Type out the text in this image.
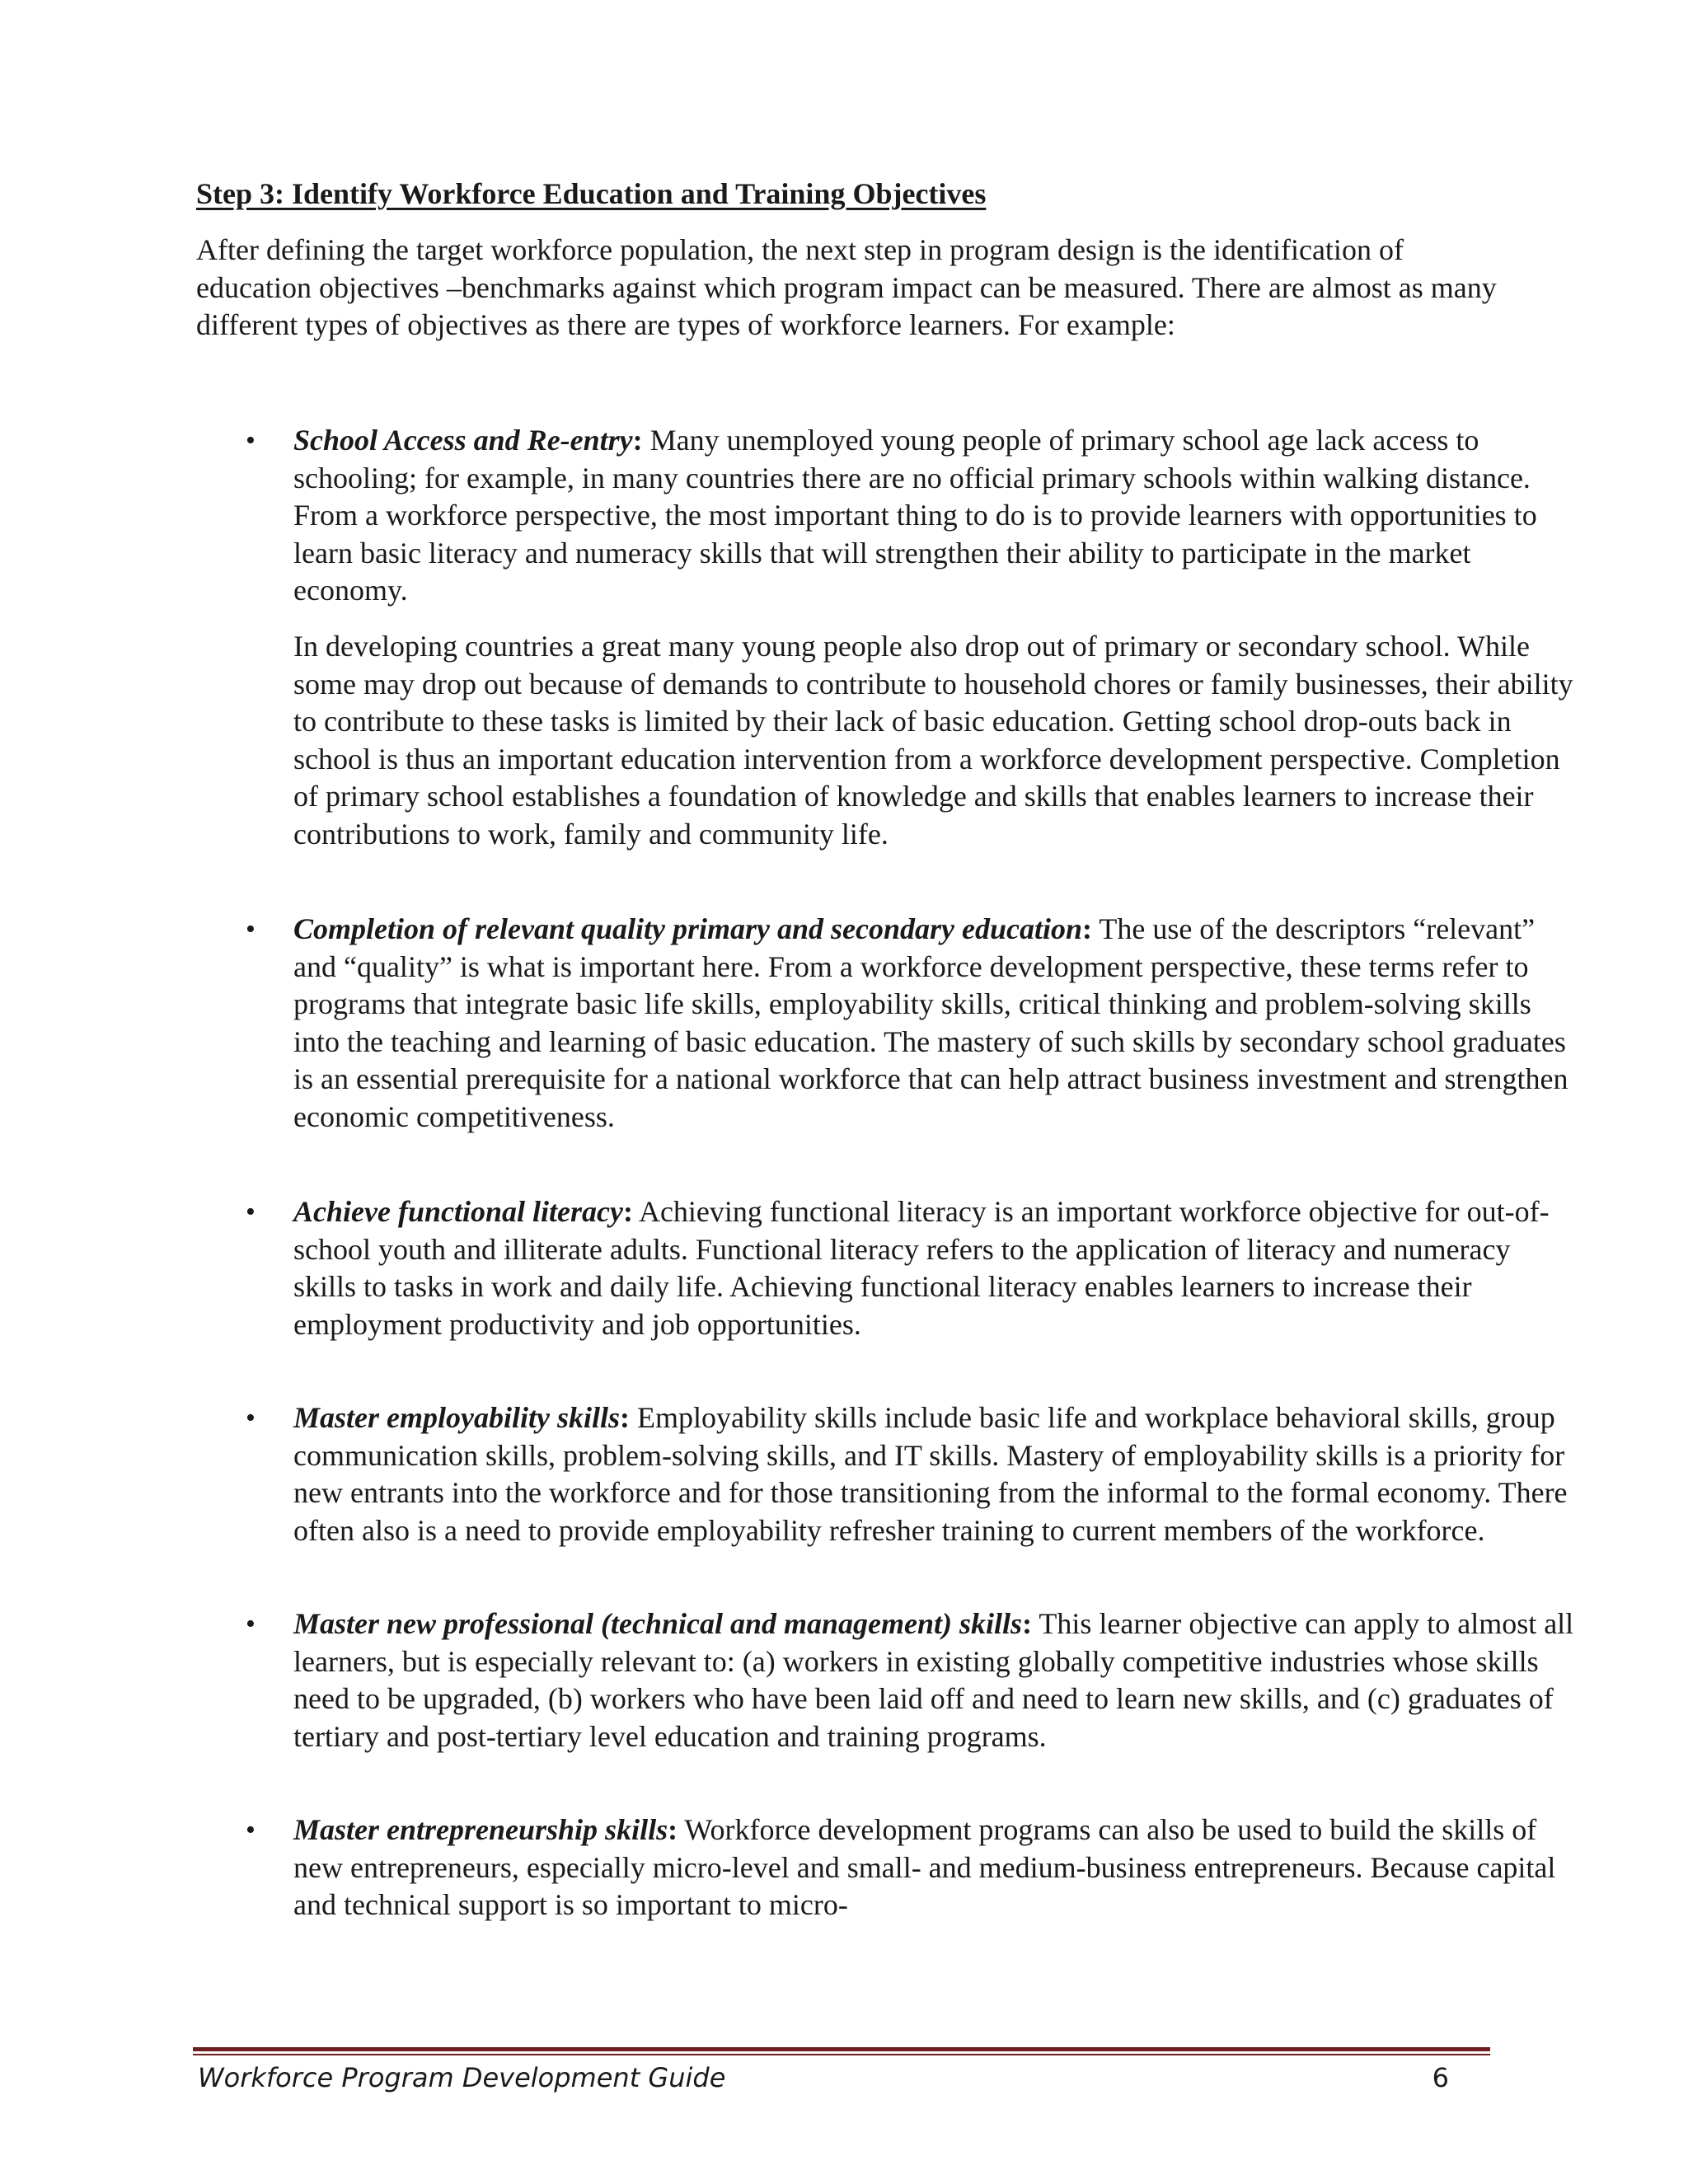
Step 3: Identify Workforce Education and Training Objectives

After defining the target workforce population, the next step in program design is the identification of education objectives –benchmarks against which program impact can be measured. There are almost as many different types of objectives as there are types of workforce learners. For example:

• School Access and Re-entry: Many unemployed young people of primary school age lack access to schooling; for example, in many countries there are no official primary schools within walking distance. From a workforce perspective, the most important thing to do is to provide learners with opportunities to learn basic literacy and numeracy skills that will strengthen their ability to participate in the market economy.

In developing countries a great many young people also drop out of primary or secondary school. While some may drop out because of demands to contribute to household chores or family businesses, their ability to contribute to these tasks is limited by their lack of basic education. Getting school drop-outs back in school is thus an important education intervention from a workforce development perspective. Completion of primary school establishes a foundation of knowledge and skills that enables learners to increase their contributions to work, family and community life.

• Completion of relevant quality primary and secondary education: The use of the descriptors “relevant” and “quality” is what is important here. From a workforce development perspective, these terms refer to programs that integrate basic life skills, employability skills, critical thinking and problem-solving skills into the teaching and learning of basic education. The mastery of such skills by secondary school graduates is an essential prerequisite for a national workforce that can help attract business investment and strengthen economic competitiveness.

• Achieve functional literacy: Achieving functional literacy is an important workforce objective for out-of-school youth and illiterate adults. Functional literacy refers to the application of literacy and numeracy skills to tasks in work and daily life. Achieving functional literacy enables learners to increase their employment productivity and job opportunities.

• Master employability skills: Employability skills include basic life and workplace behavioral skills, group communication skills, problem-solving skills, and IT skills. Mastery of employability skills is a priority for new entrants into the workforce and for those transitioning from the informal to the formal economy. There often also is a need to provide employability refresher training to current members of the workforce.

• Master new professional (technical and management) skills: This learner objective can apply to almost all learners, but is especially relevant to: (a) workers in existing globally competitive industries whose skills need to be upgraded, (b) workers who have been laid off and need to learn new skills, and (c) graduates of tertiary and post-tertiary level education and training programs.

• Master entrepreneurship skills: Workforce development programs can also be used to build the skills of new entrepreneurs, especially micro-level and small- and medium-business entrepreneurs. Because capital and technical support is so important to micro-

Workforce Program Development Guide	6
